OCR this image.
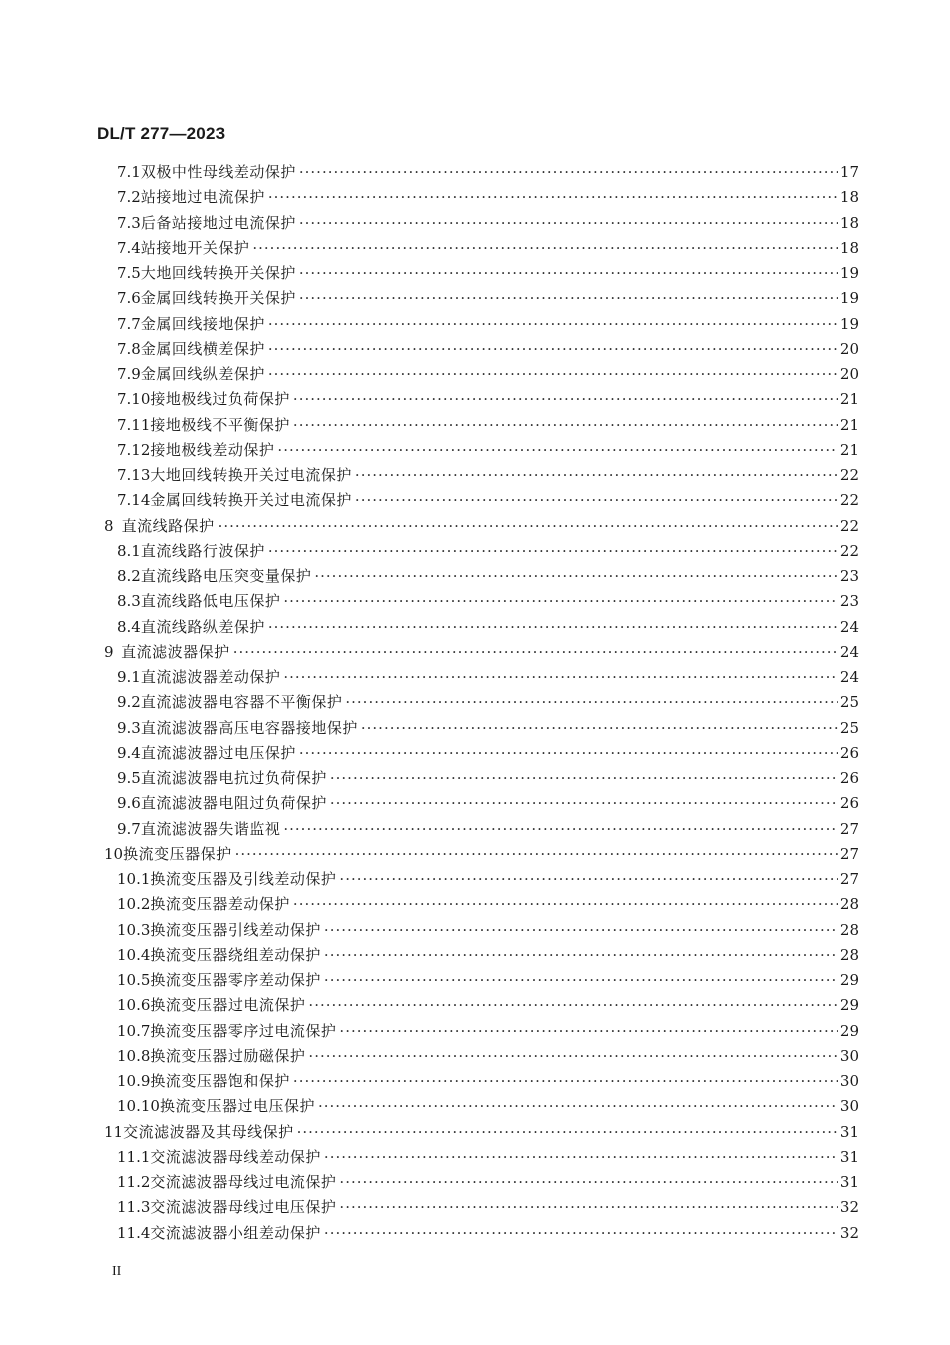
DL/T 277—2023
7.1 双极中性母线差动保护 ·····	17
7.2 站接地过电流保护 ·····	18
7.3 后备站接地过电流保护 ·····	18
7.4 站接地开关保护 ·····	18
7.5 大地回线转换开关保护 ·····	19
7.6 金属回线转换开关保护 ·····	19
7.7 金属回线接地保护 ·····	19
7.8 金属回线横差保护 ·····	20
7.9 金属回线纵差保护 ·····	20
7.10 接地极线过负荷保护 ·····	21
7.11 接地极线不平衡保护 ·····	21
7.12 接地极线差动保护 ·····	21
7.13 大地回线转换开关过电流保护 ·····	22
7.14 金属回线转换开关过电流保护 ·····	22
8 直流线路保护 ·····	22
8.1 直流线路行波保护 ·····	22
8.2 直流线路电压突变量保护 ·····	23
8.3 直流线路低电压保护 ·····	23
8.4 直流线路纵差保护 ·····	24
9 直流滤波器保护 ·····	24
9.1 直流滤波器差动保护 ·····	24
9.2 直流滤波器电容器不平衡保护 ·····	25
9.3 直流滤波器高压电容器接地保护 ·····	25
9.4 直流滤波器过电压保护 ·····	26
9.5 直流滤波器电抗过负荷保护 ·····	26
9.6 直流滤波器电阻过负荷保护 ·····	26
9.7 直流滤波器失谐监视 ·····	27
10 换流变压器保护 ·····	27
10.1 换流变压器及引线差动保护 ·····	27
10.2 换流变压器差动保护 ·····	28
10.3 换流变压器引线差动保护 ·····	28
10.4 换流变压器绕组差动保护 ·····	28
10.5 换流变压器零序差动保护 ·····	29
10.6 换流变压器过电流保护 ·····	29
10.7 换流变压器零序过电流保护 ·····	29
10.8 换流变压器过励磁保护 ·····	30
10.9 换流变压器饱和保护 ·····	30
10.10 换流变压器过电压保护 ·····	30
11 交流滤波器及其母线保护 ·····	31
11.1 交流滤波器母线差动保护 ·····	31
11.2 交流滤波器母线过电流保护 ·····	31
11.3 交流滤波器母线过电压保护 ·····	32
11.4 交流滤波器小组差动保护 ·····	32
II
